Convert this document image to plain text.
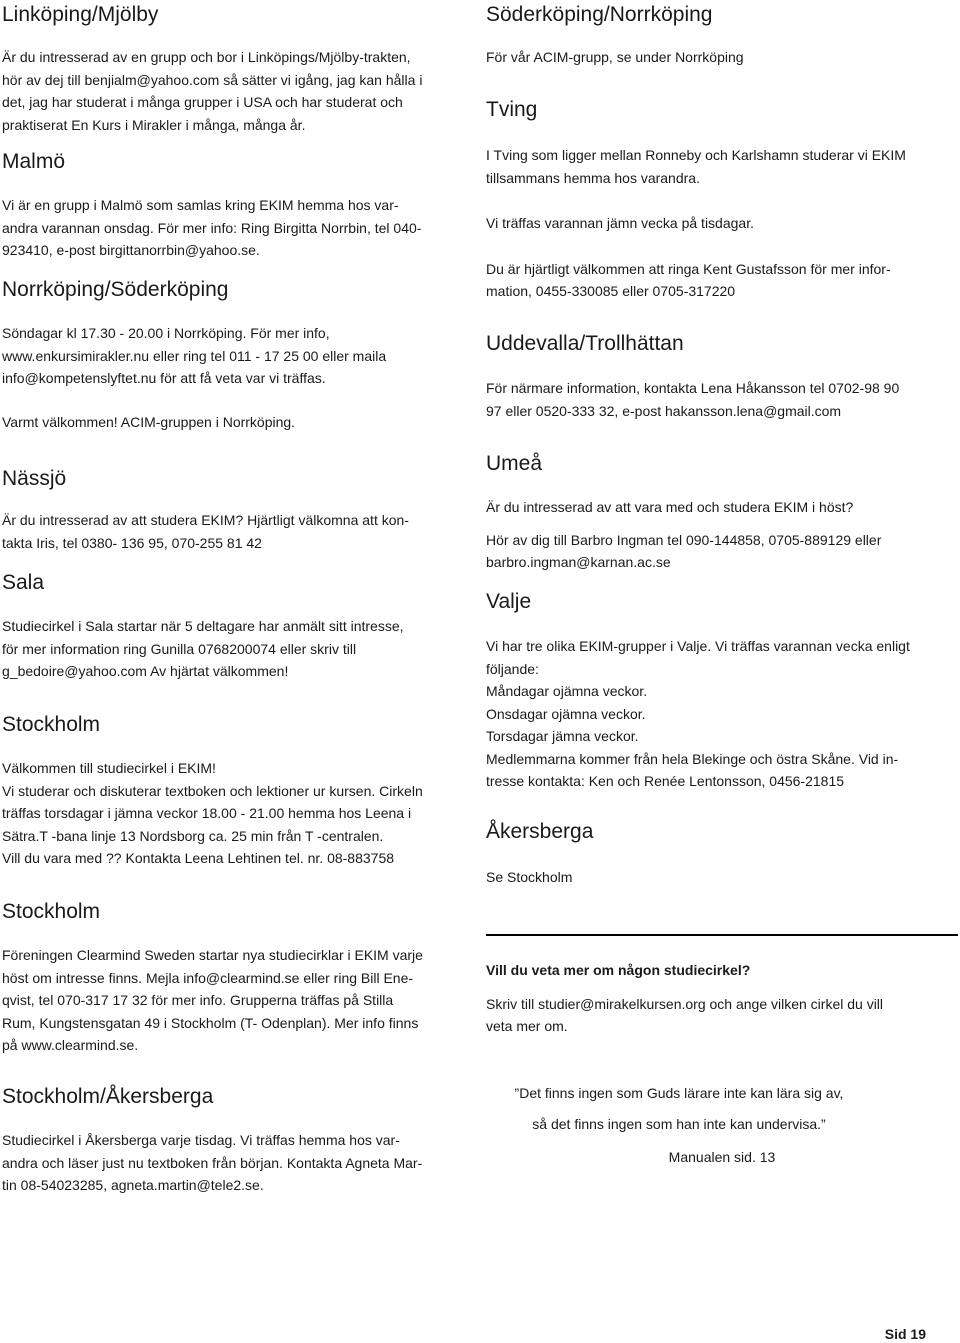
Linköping/Mjölby

Är du intresserad av en grupp och bor i Linköpings/Mjölby-trakten,

hör av dej till benjialm@yahoo.com så sätter vi igång, jag kan hålla i

det, jag har studerat i många grupper i USA och har studerat och

praktiserat En Kurs i Mirakler i många, många år.

Malmö

Vi är en grupp i Malmö som samlas kring EKIM hemma hos var-

andra varannan onsdag. För mer info: Ring Birgitta Norrbin, tel 040-

923410, e-post birgittanorrbin@yahoo.se.

Norrköping/Söderköping

Söndagar kl 17.30 - 20.00 i Norrköping. För mer info,

www.enkursimirakler.nu eller ring tel 011 - 17 25 00 eller maila

info@kompetenslyftet.nu för att få veta var vi träffas.

Varmt välkommen! ACIM-gruppen i Norrköping.

Nässjö

Är du intresserad av att studera EKIM? Hjärtligt välkomna att kon-

takta Iris, tel 0380- 136 95, 070-255 81 42

Sala

Studiecirkel i Sala startar när 5 deltagare har anmält sitt intresse,

för mer information ring Gunilla 0768200074 eller skriv till

g_bedoire@yahoo.com Av hjärtat välkommen!

Stockholm

Välkommen till studiecirkel i EKIM!

Vi studerar och diskuterar textboken och lektioner ur kursen. Cirkeln

träffas torsdagar i jämna veckor 18.00 - 21.00 hemma hos Leena i

Sätra.T -bana linje 13 Nordsborg ca. 25 min från T -centralen.

Vill du vara med ?? Kontakta Leena Lehtinen tel. nr. 08-883758

Stockholm

Föreningen Clearmind Sweden startar nya studiecirklar i EKIM varje

höst om intresse finns. Mejla info@clearmind.se eller ring Bill Ene-

qvist, tel 070-317 17 32 för mer info. Grupperna träffas på Stilla

Rum, Kungstensgatan 49 i Stockholm (T- Odenplan). Mer info finns

på www.clearmind.se.

Stockholm/Åkersberga

Studiecirkel i Åkersberga varje tisdag. Vi träffas hemma hos var-

andra och läser just nu textboken från början. Kontakta Agneta Mar-

tin 08-54023285, agneta.martin@tele2.se.

Söderköping/Norrköping

För vår ACIM-grupp, se under Norrköping

Tving

I Tving som ligger mellan Ronneby och Karlshamn studerar vi EKIM

tillsammans hemma hos varandra.

Vi träffas varannan jämn vecka på tisdagar.

Du är hjärtligt välkommen att ringa Kent Gustafsson för mer infor-

mation, 0455-330085 eller 0705-317220

Uddevalla/Trollhättan

För närmare information, kontakta Lena Håkansson tel 0702-98 90

97 eller 0520-333 32, e-post hakansson.lena@gmail.com

Umeå

Är du intresserad av att vara med och studera EKIM i höst?

Hör av dig till Barbro Ingman tel 090-144858, 0705-889129 eller

barbro.ingman@karnan.ac.se

Valje

Vi har tre olika EKIM-grupper i Valje. Vi träffas varannan vecka enligt

följande:

Måndagar ojämna veckor.

Onsdagar ojämna veckor.

Torsdagar jämna veckor.

Medlemmarna kommer från hela Blekinge och östra Skåne. Vid in-

tresse kontakta: Ken och Renée Lentonsson, 0456-21815

Åkersberga

Se Stockholm

Vill du veta mer om någon studiecirkel?

Skriv till studier@mirakelkursen.org och ange vilken cirkel du vill

veta mer om.

”Det finns ingen som Guds lärare inte kan lära sig av,
så det finns ingen som han inte kan undervisa.”
Manualen sid. 13
Sid 19
